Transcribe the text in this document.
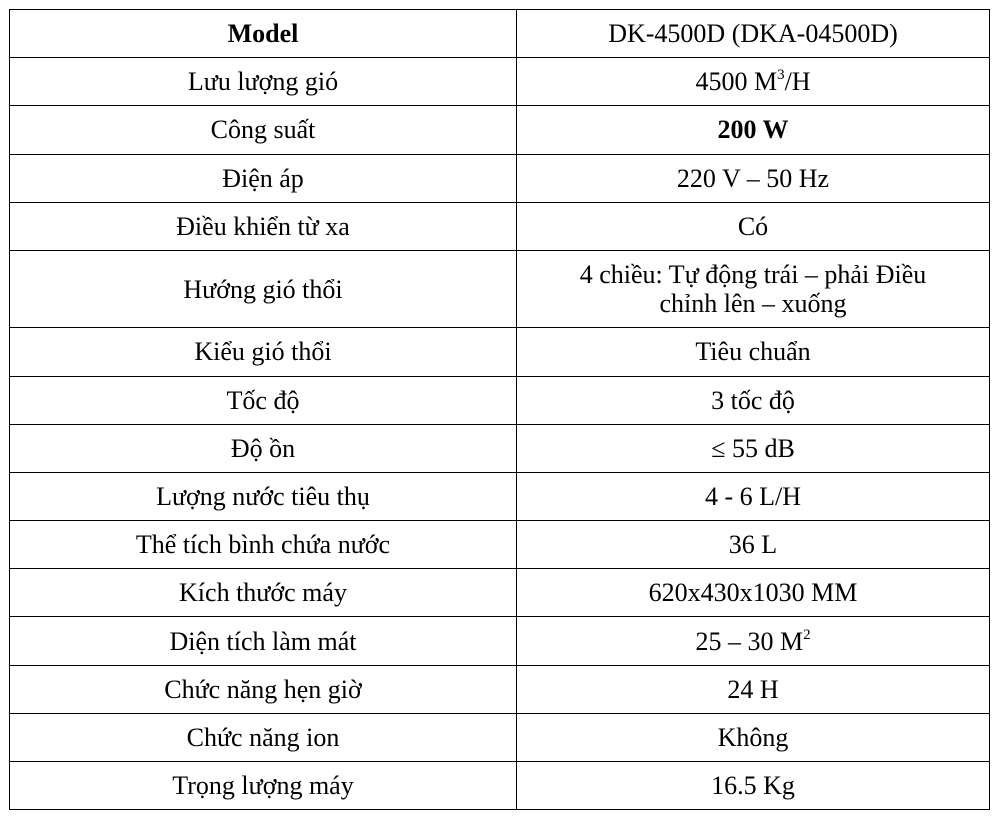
Model	DK-4500D (DKA-04500D)
Lưu lượng gió	4500 $M^3/H$
Công suất	200 W
Điện áp	220 V – 50 Hz
Điều khiển từ xa	Có
Hướng gió thổi	4 chiều: Tự động trái – phải Điều
chỉnh lên – xuống
Kiểu gió thổi	Tiêu chuẩn
Tốc độ	3 tốc độ
Độ ồn	≤ 55 dB
Lượng nước tiêu thụ	4 - 6 L/H
Thể tích bình chứa nước	36 L
Kích thước máy	620x430x1030 MM
Diện tích làm mát	25 – 30 $M^2$
Chức năng hẹn giờ	24 H
Chức năng ion	Không
Trọng lượng máy	16.5 Kg
